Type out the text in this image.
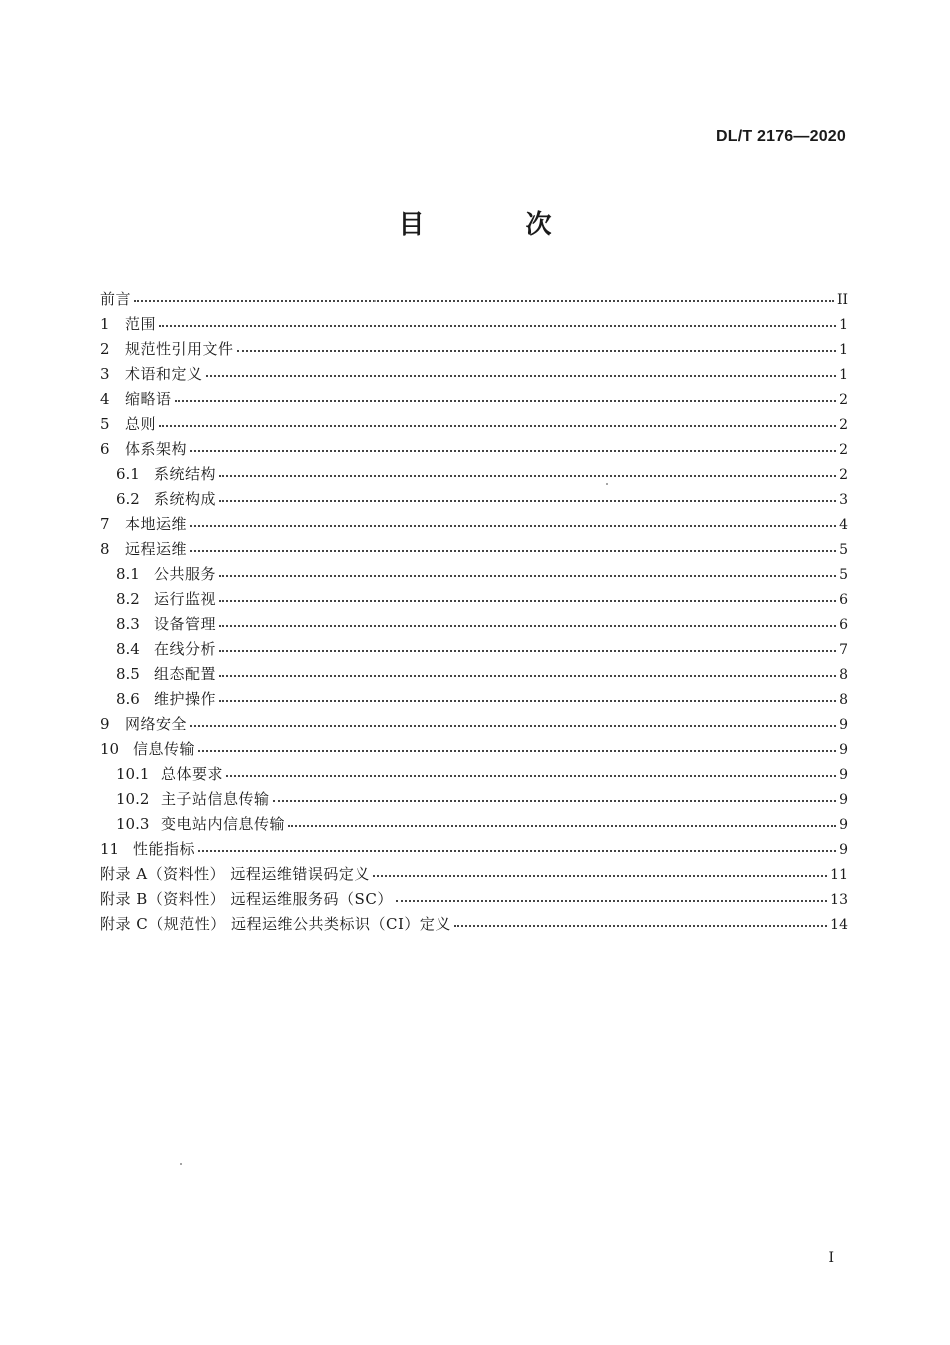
DL/T 2176—2020
目 次
前言	II
1	范围	1
2	规范性引用文件	1
3	术语和定义	1
4	缩略语	2
5	总则	2
6	体系架构	2
6.1 系统结构	2
6.2 系统构成	3
7	本地运维	4
8	远程运维	5
8.1 公共服务	5
8.2 运行监视	6
8.3 设备管理	6
8.4 在线分析	7
8.5 组态配置	8
8.6 维护操作	8
9	网络安全	9
10 信息传输	9
10.1 总体要求	9
10.2 主子站信息传输	9
10.3 变电站内信息传输	9
11 性能指标	9
附录 A（资料性） 远程运维错误码定义	11
附录 B（资料性） 远程运维服务码（SC）	13
附录 C（规范性） 远程运维公共类标识（CI）定义	14
I
